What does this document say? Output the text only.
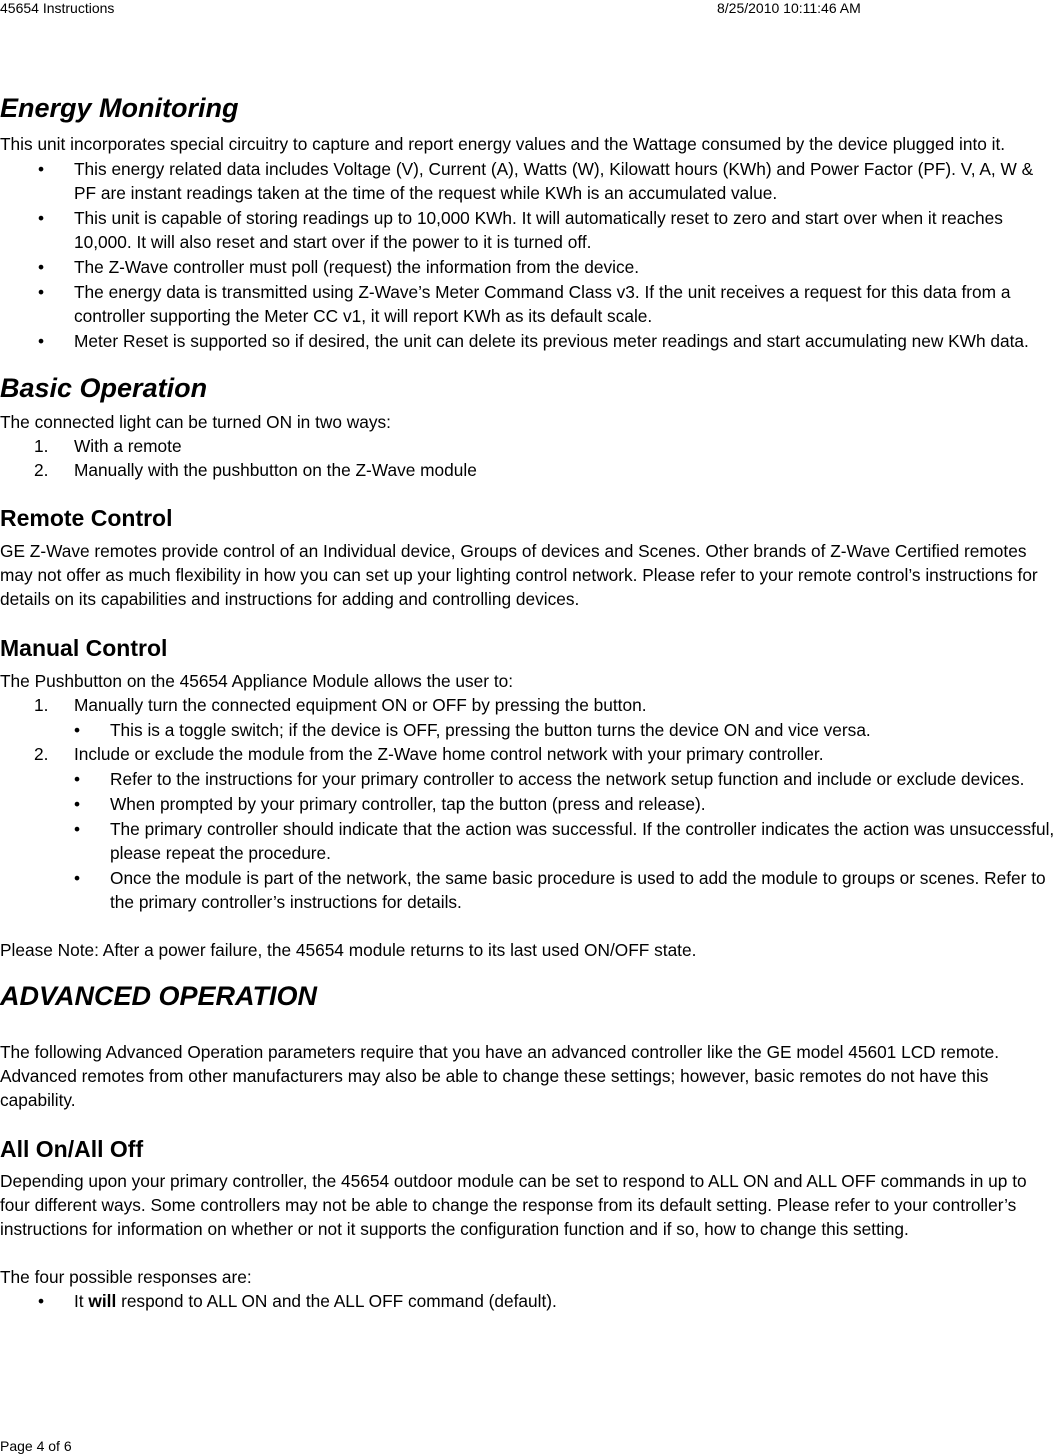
45654 Instructions	8/25/2010 10:11:46 AM
Energy Monitoring

This unit incorporates special circuitry to capture and report energy values and the Wattage consumed by the device plugged into it.

• This energy related data includes Voltage (V), Current (A), Watts (W), Kilowatt hours (KWh) and Power Factor (PF). V, A, W & PF are instant readings taken at the time of the request while KWh is an accumulated value.
• This unit is capable of storing readings up to 10,000 KWh. It will automatically reset to zero and start over when it reaches 10,000. It will also reset and start over if the power to it is turned off.
• The Z-Wave controller must poll (request) the information from the device.
• The energy data is transmitted using Z-Wave’s Meter Command Class v3. If the unit receives a request for this data from a controller supporting the Meter CC v1, it will report KWh as its default scale.
• Meter Reset is supported so if desired, the unit can delete its previous meter readings and start accumulating new KWh data.
Basic Operation

The connected light can be turned ON in two ways:

1. With a remote
2. Manually with the pushbutton on the Z-Wave module
Remote Control

GE Z-Wave remotes provide control of an Individual device, Groups of devices and Scenes. Other brands of Z-Wave Certified remotes may not offer as much flexibility in how you can set up your lighting control network. Please refer to your remote control’s instructions for details on its capabilities and instructions for adding and controlling devices.

Manual Control

The Pushbutton on the 45654 Appliance Module allows the user to:

1. Manually turn the connected equipment ON or OFF by pressing the button.
• This is a toggle switch; if the device is OFF, pressing the button turns the device ON and vice versa.
2. Include or exclude the module from the Z-Wave home control network with your primary controller.
• Refer to the instructions for your primary controller to access the network setup function and include or exclude devices.
• When prompted by your primary controller, tap the button (press and release).
• The primary controller should indicate that the action was successful. If the controller indicates the action was unsuccessful, please repeat the procedure.
• Once the module is part of the network, the same basic procedure is used to add the module to groups or scenes. Refer to the primary controller’s instructions for details.

Please Note: After a power failure, the 45654 module returns to its last used ON/OFF state.

ADVANCED OPERATION

The following Advanced Operation parameters require that you have an advanced controller like the GE model 45601 LCD remote. Advanced remotes from other manufacturers may also be able to change these settings; however, basic remotes do not have this capability.

All On/All Off

Depending upon your primary controller, the 45654 outdoor module can be set to respond to ALL ON and ALL OFF commands in up to four different ways. Some controllers may not be able to change the response from its default setting. Please refer to your controller’s instructions for information on whether or not it supports the configuration function and if so, how to change this setting.

The four possible responses are:

• It will respond to ALL ON and the ALL OFF command (default).
Page 4 of 6
